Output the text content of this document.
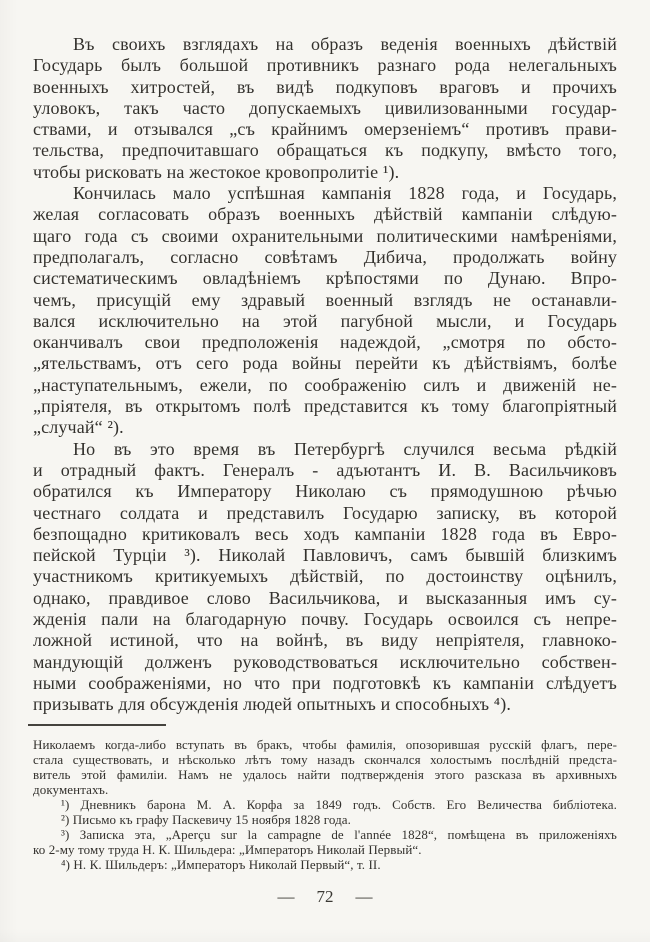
Въ своихъ взглядахъ на образъ веденія военныхъ дѣйствій
Государь былъ большой противникъ разнаго рода нелегальныхъ
военныхъ хитростей, въ видѣ подкуповъ враговъ и прочихъ
уловокъ, такъ часто допускаемыхъ цивилизованными государ-
ствами, и отзывался „съ крайнимъ омерзеніемъ“ противъ прави-
тельства, предпочитавшаго обращаться къ подкупу, вмѣсто того,
чтобы рисковать на жестокое кровопролитіе ¹).
Кончилась мало успѣшная кампанія 1828 года, и Государь,
желая согласовать образъ военныхъ дѣйствій кампаніи слѣдую-
щаго года съ своими охранительными политическими намѣреніями,
предполагалъ, согласно совѣтамъ Дибича, продолжать войну
систематическимъ овладѣніемъ крѣпостями по Дунаю. Впро-
чемъ, присущій ему здравый военный взглядъ не останавли-
вался исключительно на этой пагубной мысли, и Государь
оканчивалъ свои предположенія надеждой, „смотря по обсто-
„ятельствамъ, отъ сего рода войны перейти къ дѣйствіямъ, болѣе
„наступательнымъ, ежели, по соображенію силъ и движеній не-
„пріятеля, въ открытомъ полѣ представится къ тому благопріятный
„случай“ ²).
Но въ это время въ Петербургѣ случился весьма рѣдкій
и отрадный фактъ. Генералъ - адъютантъ И. В. Васильчиковъ
обратился къ Императору Николаю съ прямодушною рѣчью
честнаго солдата и представилъ Государю записку, въ которой
безпощадно критиковалъ весь ходъ кампаніи 1828 года въ Евро-
пейской Турціи ³). Николай Павловичъ, самъ бывшій близкимъ
участникомъ критикуемыхъ дѣйствій, по достоинству оцѣнилъ,
однако, правдивое слово Васильчикова, и высказанныя имъ су-
жденія пали на благодарную почву. Государь освоился съ непре-
ложной истиной, что на войнѣ, въ виду непріятеля, главноко-
мандующій долженъ руководствоваться исключительно собствен-
ными соображеніями, но что при подготовкѣ къ кампаніи слѣдуетъ
призывать для обсужденія людей опытныхъ и способныхъ ⁴).
Николаемъ когда-либо вступать въ бракъ, чтобы фамилія, опозорившая русскій флагъ, пере-
стала существовать, и нѣсколько лѣтъ тому назадъ скончался холостымъ послѣдній предста-
витель этой фамиліи. Намъ не удалось найти подтвержденія этого разсказа въ архивныхъ
документахъ.
¹) Дневникъ барона М. А. Корфа за 1849 годъ. Собств. Его Величества библіотека.
²) Письмо къ графу Паскевичу 15 ноября 1828 года.
³) Записка эта, „Aperçu sur la campagne de l'année 1828“, помѣщена въ приложеніяхъ
ко 2-му тому труда Н. К. Шильдера: „Императоръ Николай Первый“.
⁴) Н. К. Шильдеръ: „Императоръ Николай Первый“, т. II.
— 72 —
